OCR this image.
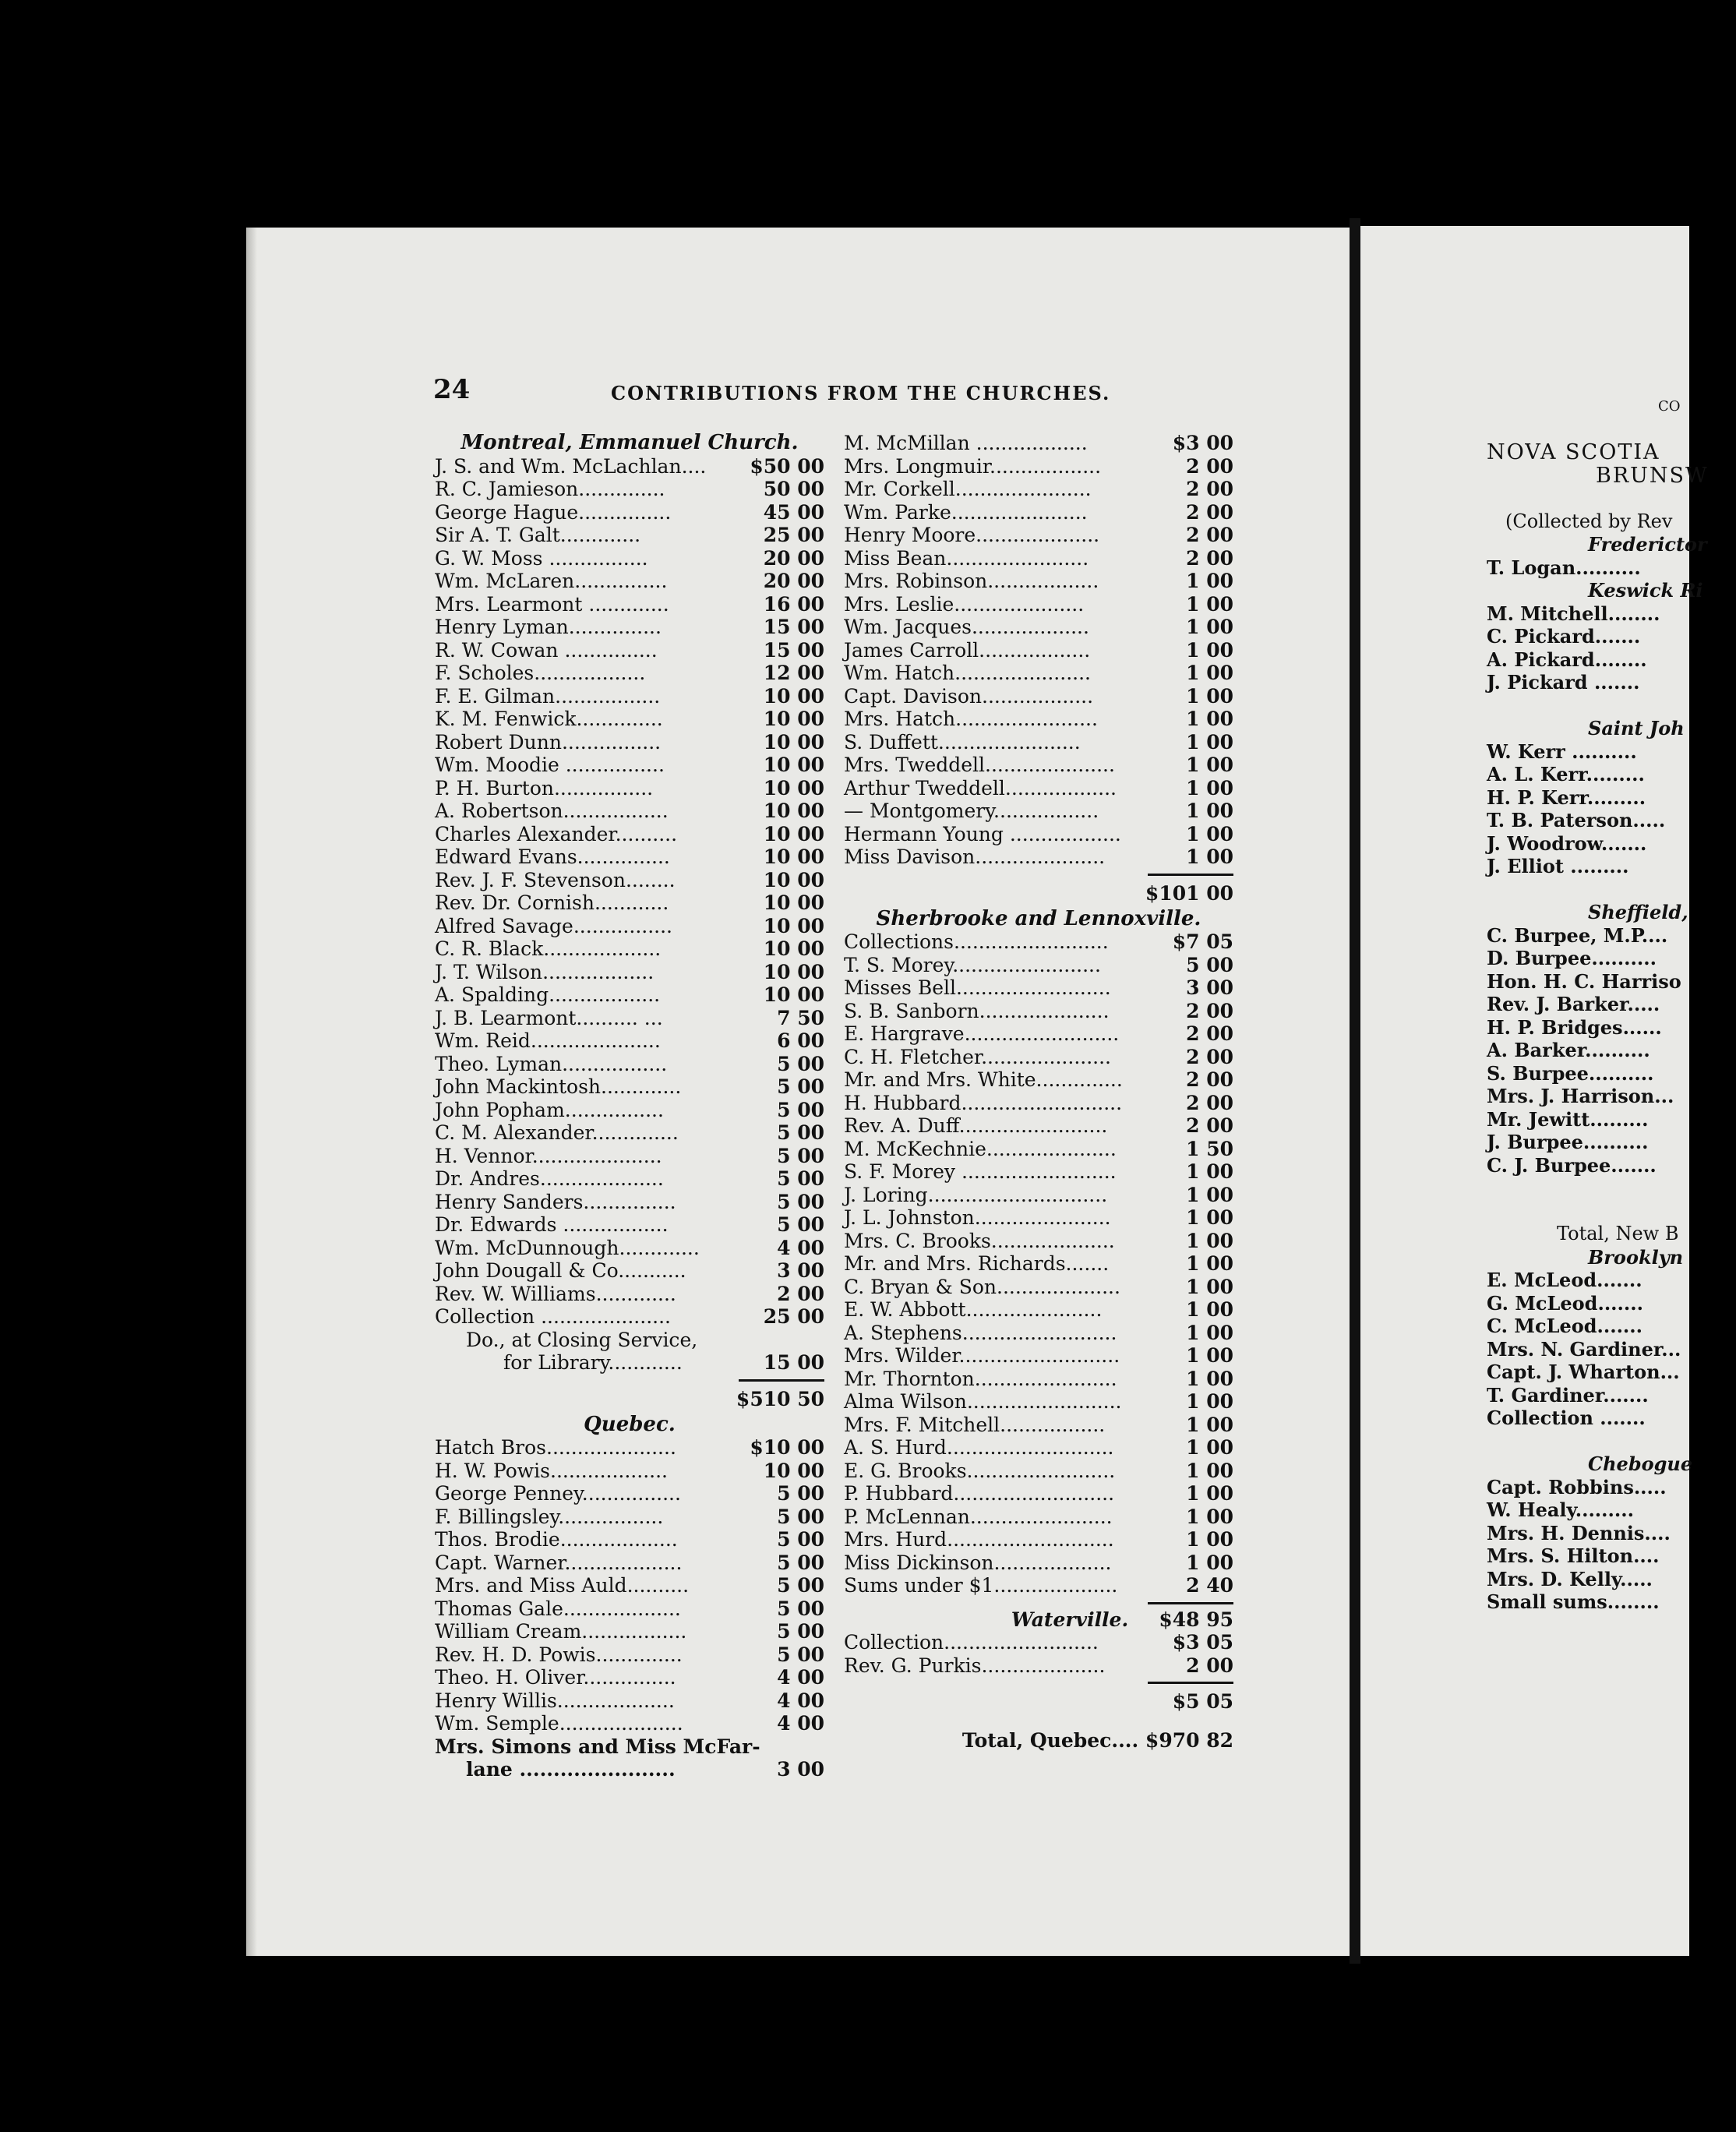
24	CONTRIBUTIONS FROM THE CHURCHES.
Montreal, Emmanuel Church.
J. S. and Wm. McLachlan.... $50 00
R. C. Jamieson..............	50 00
George Hague...............	45 00
Sir A. T. Galt.............	25 00
G. W. Moss ................	20 00
Wm. McLaren...............	20 00
Mrs. Learmont .............	16 00
Henry Lyman...............	15 00
R. W. Cowan ...............	15 00
F. Scholes..................	12 00
F. E. Gilman.................	10 00
K. M. Fenwick..............	10 00
Robert Dunn................	10 00
Wm. Moodie ................	10 00
P. H. Burton................	10 00
A. Robertson.................	10 00
Charles Alexander..........	10 00
Edward Evans...............	10 00
Rev. J. F. Stevenson........	10 00
Rev. Dr. Cornish............	10 00
Alfred Savage................	10 00
C. R. Black...................	10 00
J. T. Wilson..................	10 00
A. Spalding..................	10 00
J. B. Learmont.......... ...	7 50
Wm. Reid.....................	6 00
Theo. Lyman.................	5 00
John Mackintosh.............	5 00
John Popham................	5 00
C. M. Alexander..............	5 00
H. Vennor.....................	5 00
Dr. Andres....................	5 00
Henry Sanders...............	5 00
Dr. Edwards .................	5 00
Wm. McDunnough.............	4 00
John Dougall & Co...........	3 00
Rev. W. Williams.............	2 00
Collection .....................	25 00
Do., at Closing Service,
for Library............	15 00
$510 50
Quebec.
Hatch Bros.....................	$10 00
H. W. Powis...................	10 00
George Penney................	5 00
F. Billingsley.................	5 00
Thos. Brodie...................	5 00
Capt. Warner...................	5 00
Mrs. and Miss Auld..........	5 00
Thomas Gale...................	5 00
William Cream.................	5 00
Rev. H. D. Powis..............	5 00
Theo. H. Oliver...............	4 00
Henry Willis...................	4 00
Wm. Semple....................	4 00
Mrs. Simons and Miss McFar-
lane .......................	3 00
M. McMillan ..................	$3 00
Mrs. Longmuir..................	2 00
Mr. Corkell......................	2 00
Wm. Parke......................	2 00
Henry Moore....................	2 00
Miss Bean.......................	2 00
Mrs. Robinson..................	1 00
Mrs. Leslie.....................	1 00
Wm. Jacques...................	1 00
James Carroll..................	1 00
Wm. Hatch......................	1 00
Capt. Davison..................	1 00
Mrs. Hatch.......................	1 00
S. Duffett.......................	1 00
Mrs. Tweddell.....................	1 00
Arthur Tweddell..................	1 00
— Montgomery.................	1 00
Hermann Young ..................	1 00
Miss Davison.....................	1 00
$101 00
Sherbrooke and Lennoxville.
Collections.........................	$7 05
T. S. Morey........................	5 00
Misses Bell.........................	3 00
S. B. Sanborn.....................	2 00
E. Hargrave.........................	2 00
C. H. Fletcher.....................	2 00
Mr. and Mrs. White..............	2 00
H. Hubbard..........................	2 00
Rev. A. Duff........................	2 00
M. McKechnie.....................	1 50
S. F. Morey .........................	1 00
J. Loring.............................	1 00
J. L. Johnston......................	1 00
Mrs. C. Brooks....................	1 00
Mr. and Mrs. Richards.......	1 00
C. Bryan & Son....................	1 00
E. W. Abbott......................	1 00
A. Stephens.........................	1 00
Mrs. Wilder..........................	1 00
Mr. Thornton.......................	1 00
Alma Wilson.........................	1 00
Mrs. F. Mitchell.................	1 00
A. S. Hurd...........................	1 00
E. G. Brooks........................	1 00
P. Hubbard..........................	1 00
P. McLennan.......................	1 00
Mrs. Hurd...........................	1 00
Miss Dickinson...................	1 00
Sums under $1....................	2 40
Waterville. $48 95
Collection.........................	$3 05
Rev. G. Purkis....................	2 00
$5 05
Total, Quebec.... $970 82
CO
NOVA SCOTIA
BRUNSW
(Collected by Rev
Frederictor
T. Logan..........
Keswick Ri
M. Mitchell........
C. Pickard.......
A. Pickard........
J. Pickard .......
Saint Joh
W. Kerr ..........
A. L. Kerr.........
H. P. Kerr.........
T. B. Paterson.....
J. Woodrow.......
J. Elliot .........
Sheffield,
C. Burpee, M.P....
D. Burpee..........
Hon. H. C. Harriso
Rev. J. Barker.....
H. P. Bridges......
A. Barker..........
S. Burpee..........
Mrs. J. Harrison...
Mr. Jewitt.........
J. Burpee..........
C. J. Burpee.......
Total, New B
Brooklyn
E. McLeod.......
G. McLeod.......
C. McLeod.......
Mrs. N. Gardiner...
Capt. J. Wharton...
T. Gardiner.......
Collection .......
Chebogue
Capt. Robbins.....
W. Healy.........
Mrs. H. Dennis....
Mrs. S. Hilton....
Mrs. D. Kelly.....
Small sums........
